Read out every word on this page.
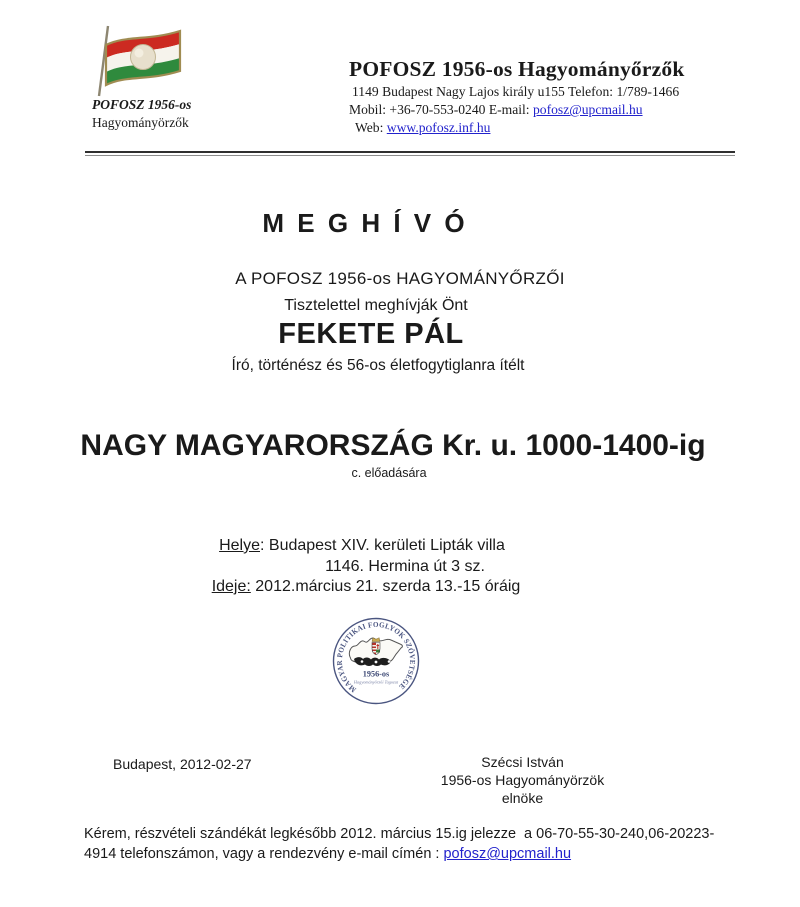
POFOSZ 1956-os
Hagyományörzők
POFOSZ 1956-os Hagyományőrzők
1149 Budapest Nagy Lajos király u155 Telefon: 1/789-1466
Mobil: +36-70-553-0240 E-mail: pofosz@upcmail.hu
Web: www.pofosz.inf.hu
M E G H Í V Ó
A POFOSZ 1956-os HAGYOMÁNYŐRZŐI
Tisztelettel meghívják Önt
FEKETE PÁL
Író, történész és 56-os életfogytiglanra ítélt
NAGY MAGYARORSZÁG Kr. u. 1000-1400-ig
c. előadására
Helye: Budapest XIV. kerületi Lipták villa
1146. Hermina út 3 sz.
Ideje: 2012.március 21. szerda 13.-15 óráig
MAGYAR POLITIKAI FOGLYOK SZÖVETSÉGE
1956-os
Hagyományőrzői Tagozat
Budapest, 2012-02-27	Szécsi István
1956-os Hagyományörzök elnöke
Kérem, részvételi szándékát legkésőbb 2012. március 15.ig jelezze  a 06-70-55-30-240,06-20223-
4914 telefonszámon, vagy a rendezvény e-mail címén : pofosz@upcmail.hu
